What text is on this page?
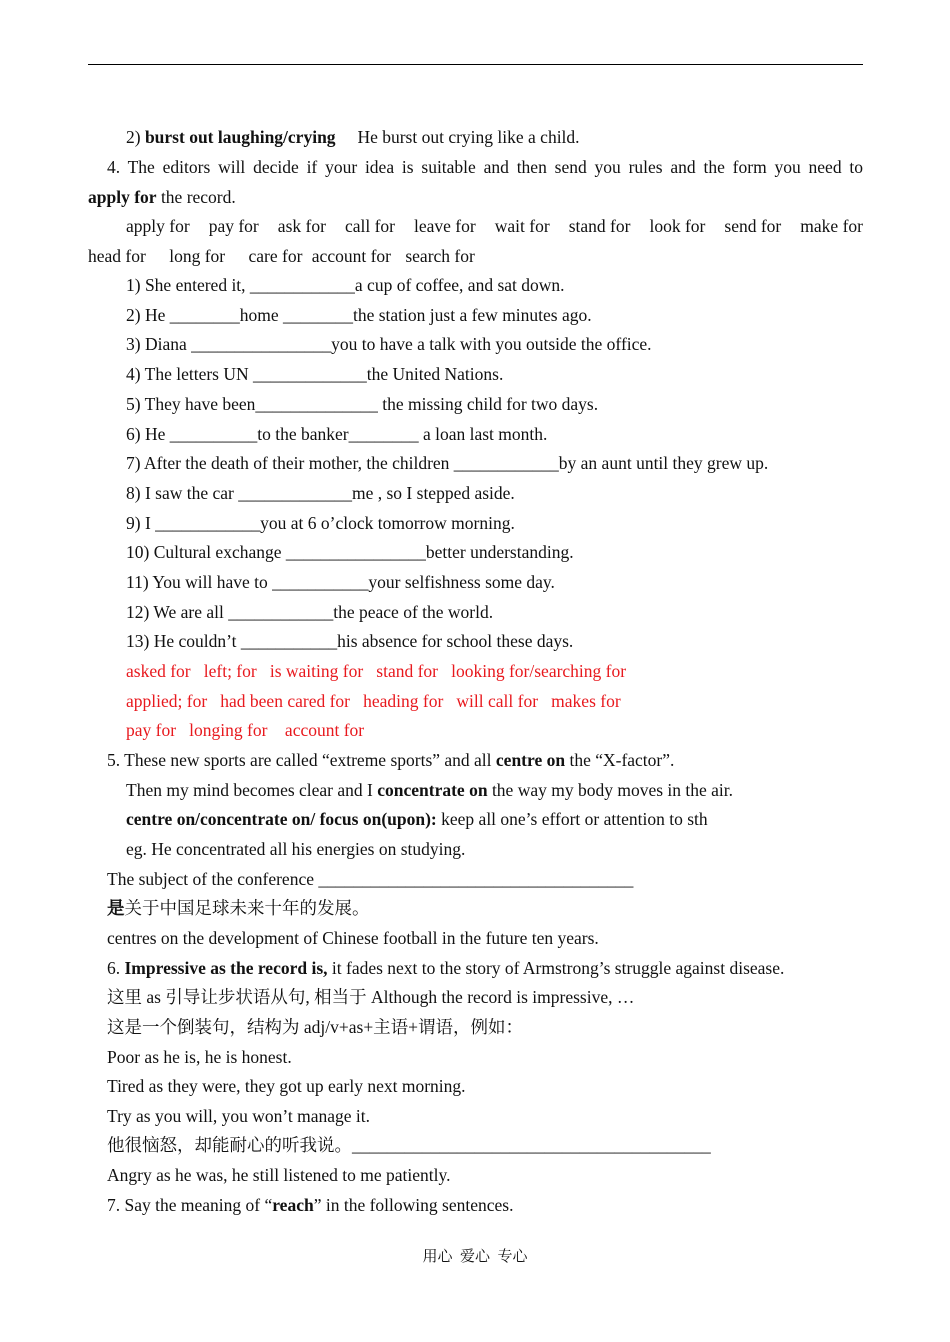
2) burst out laughing/crying He burst out crying like a child.
4. The editors will decide if your idea is suitable and then send you rules and the form you need to
apply for the record.
apply for pay for ask for call for leave for wait for stand for look for send for make for
head for long for care for account for search for
1) She entered it, ____________a cup of coffee, and sat down.
2) He ________home ________the station just a few minutes ago.
3) Diana ________________you to have a talk with you outside the office.
4) The letters UN _____________the United Nations.
5) They have been______________ the missing child for two days.
6) He __________to the banker________ a loan last month.
7) After the death of their mother, the children ____________by an aunt until they grew up.
8) I saw the car _____________me , so I stepped aside.
9) I ____________you at 6 o’clock tomorrow morning.
10) Cultural exchange ________________better understanding.
11) You will have to ___________your selfishness some day.
12) We are all ____________the peace of the world.
13) He couldn’t ___________his absence for school these days.
asked for   left; for   is waiting for   stand for   looking for/searching for
applied; for   had been cared for   heading for   will call for   makes for
pay for   longing for    account for
5. These new sports are called “extreme sports” and all centre on the “X-factor”.
Then my mind becomes clear and I concentrate on the way my body moves in the air.
centre on/concentrate on/ focus on(upon): keep all one’s effort or attention to sth
eg. He concentrated all his energies on studying.
The subject of the conference ____________________________________
是关于中国足球未来十年的发展。
centres on the development of Chinese football in the future ten years.
6. Impressive as the record is, it fades next to the story of Armstrong’s struggle against disease.
这里 as 引导让步状语从句, 相当于 Although the record is impressive, …
这是一个倒装句，结构为 adj/v+as+主语+谓语，例如：
Poor as he is, he is honest.
Tired as they were, they got up early next morning.
Try as you will, you won’t manage it.
他很恼怒，却能耐心的听我说。_________________________________________
Angry as he was, he still listened to me patiently.
7. Say the meaning of “reach” in the following sentences.
用心  爱心  专心
